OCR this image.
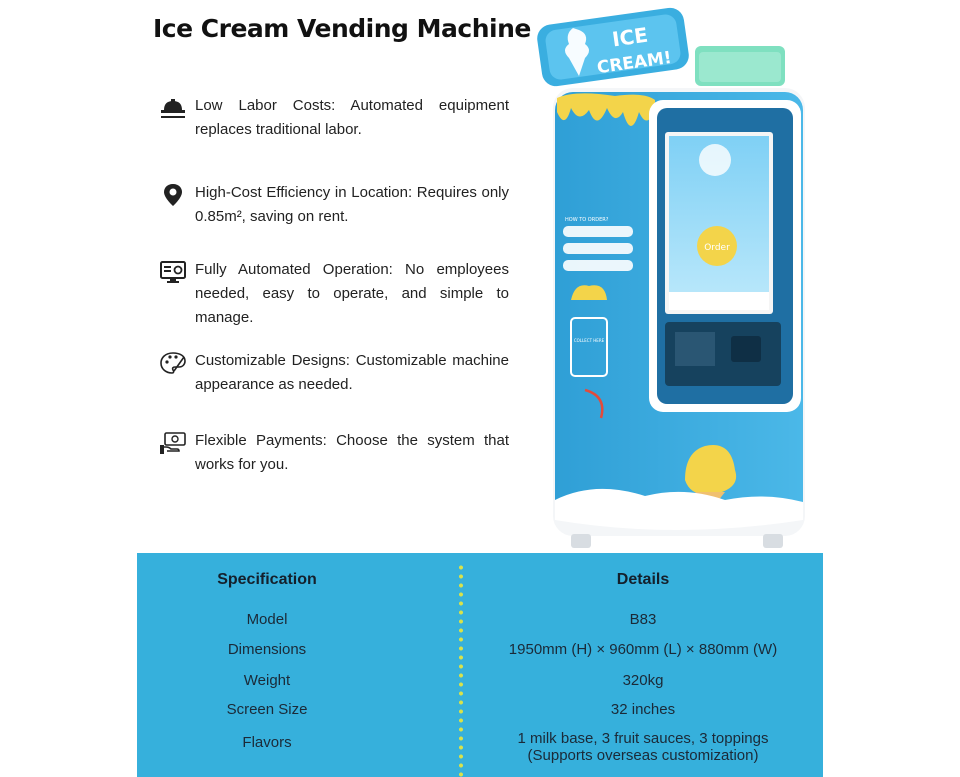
Ice Cream Vending Machine
Low Labor Costs: Automated equipment replaces traditional labor.
High-Cost Efficiency in Location: Requires only 0.85m², saving on rent.
Fully Automated Operation: No employees needed, easy to operate, and simple to manage.
Customizable Designs: Customizable machine appearance as needed.
Flexible Payments: Choose the system that works for you.
Order
HOW TO ORDER?
COLLECT HERE
ICE
CREAM!
Specification	Details
Model	B83
Dimensions	1950mm (H) × 960mm (L) × 880mm (W)
Weight	320kg
Screen Size	32 inches
Flavors	1 milk base, 3 fruit sauces, 3 toppings
(Supports overseas customization)
